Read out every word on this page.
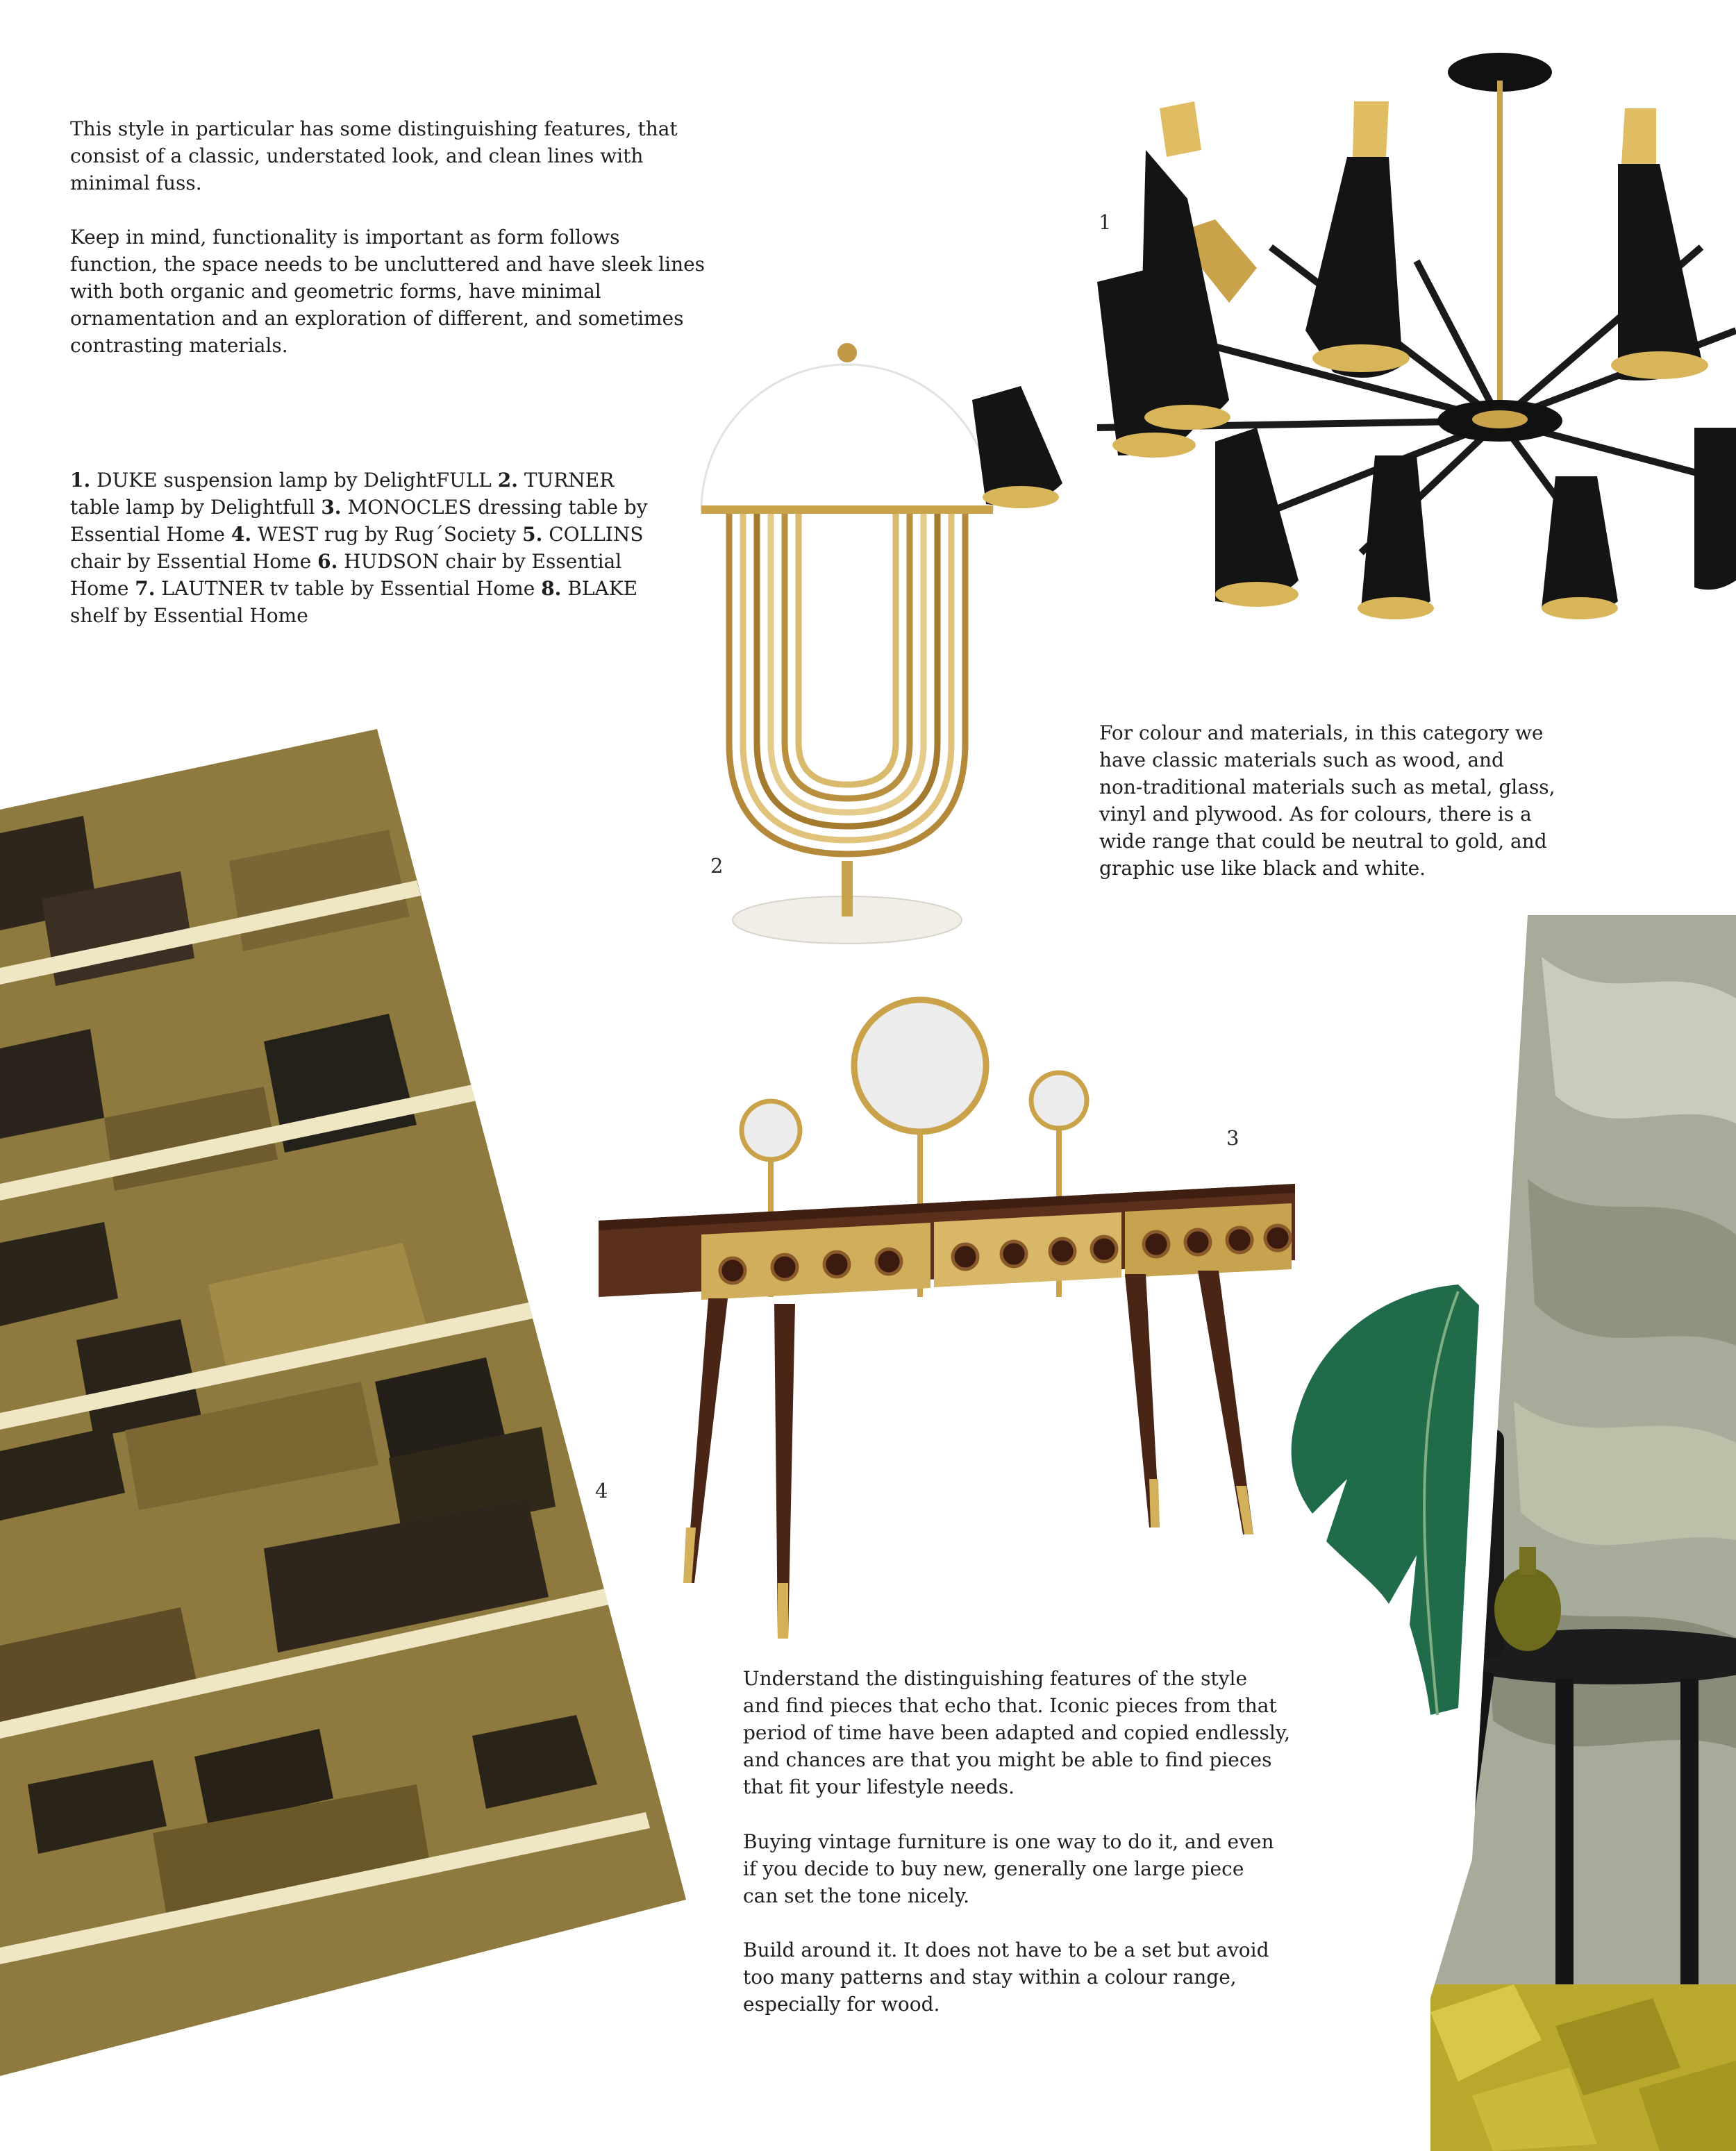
This style in particular has some distinguishing features, that
consist of a classic, understated look, and clean lines with
minimal fuss.

Keep in mind, functionality is important as form follows
function, the space needs to be uncluttered and have sleek lines
with both organic and geometric forms, have minimal
ornamentation and an exploration of different, and sometimes
contrasting materials.

1. DUKE suspension lamp by DelightFULL 2. TURNER
table lamp by Delightfull 3. MONOCLES dressing table by
Essential Home 4. WEST rug by Rug´Society 5. COLLINS
chair by Essential Home 6. HUDSON chair by Essential
Home 7. LAUTNER tv table by Essential Home 8. BLAKE
shelf by Essential Home

For colour and materials, in this category we
have classic materials such as wood, and
non-traditional materials such as metal, glass,
vinyl and plywood. As for colours, there is a
wide range that could be neutral to gold, and
graphic use like black and white.

Understand the distinguishing features of the style
and find pieces that echo that. Iconic pieces from that
period of time have been adapted and copied endlessly,
and chances are that you might be able to find pieces
that fit your lifestyle needs.

Buying vintage furniture is one way to do it, and even
if you decide to buy new, generally one large piece
can set the tone nicely.

Build around it. It does not have to be a set but avoid
too many patterns and stay within a colour range,
especially for wood.

1
2
3
4
